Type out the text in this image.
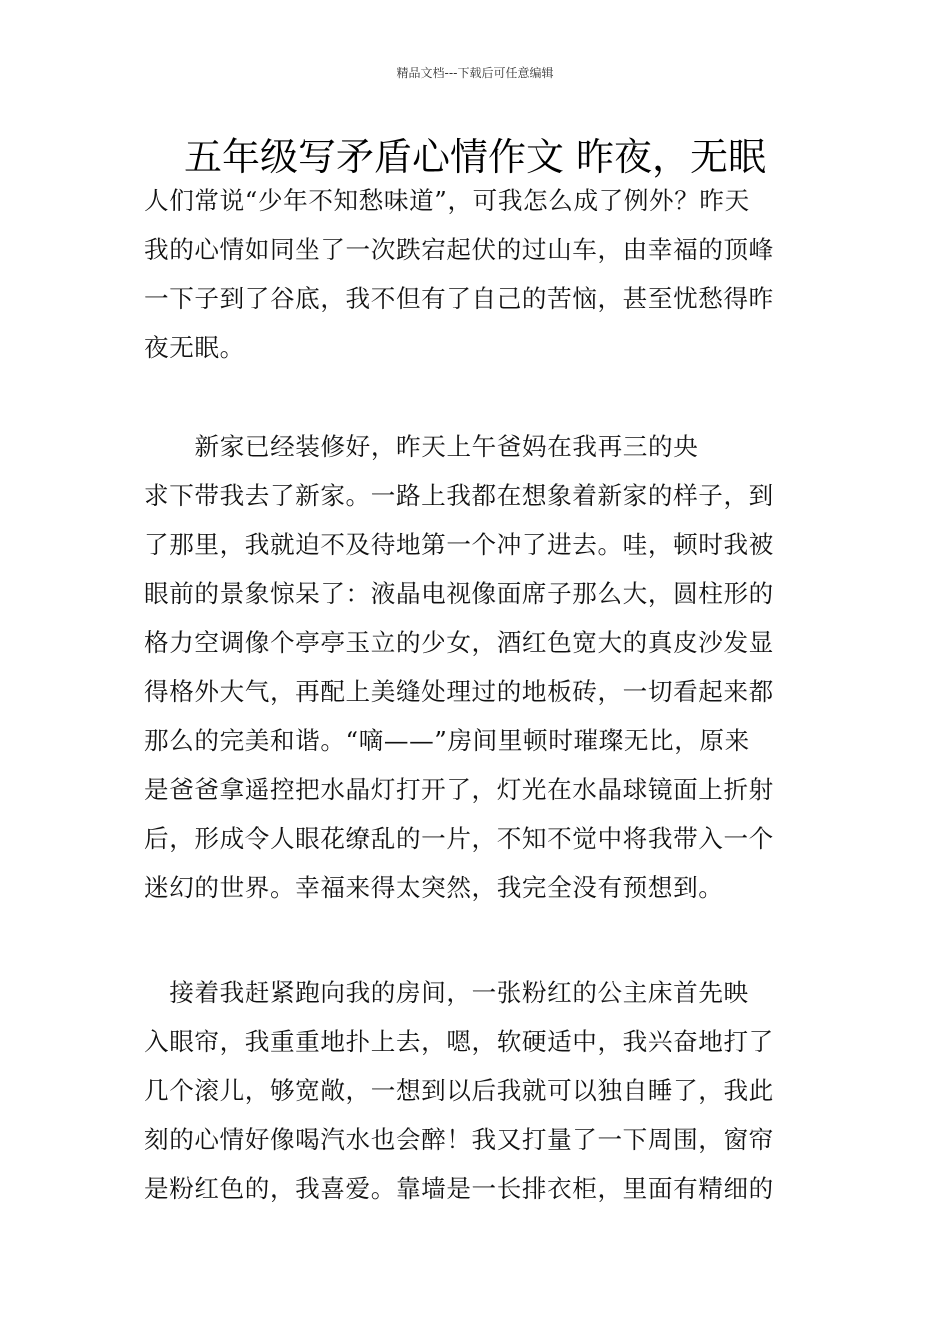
精品文档---下载后可任意编辑
五年级写矛盾心情作文 昨夜，无眠
人们常说“少年不知愁味道”，可我怎么成了例外？昨天
我的心情如同坐了一次跌宕起伏的过山车，由幸福的顶峰
一下子到了谷底，我不但有了自己的苦恼，甚至忧愁得昨
夜无眠。
新家已经装修好，昨天上午爸妈在我再三的央
求下带我去了新家。一路上我都在想象着新家的样子，到
了那里，我就迫不及待地第一个冲了进去。哇，顿时我被
眼前的景象惊呆了：液晶电视像面席子那么大，圆柱形的
格力空调像个亭亭玉立的少女，酒红色宽大的真皮沙发显
得格外大气，再配上美缝处理过的地板砖，一切看起来都
那么的完美和谐。“嘀——”房间里顿时璀璨无比，原来
是爸爸拿遥控把水晶灯打开了，灯光在水晶球镜面上折射
后，形成令人眼花缭乱的一片，不知不觉中将我带入一个
迷幻的世界。幸福来得太突然，我完全没有预想到。
接着我赶紧跑向我的房间，一张粉红的公主床首先映
入眼帘，我重重地扑上去，嗯，软硬适中，我兴奋地打了
几个滚儿，够宽敞，一想到以后我就可以独自睡了，我此
刻的心情好像喝汽水也会醉！我又打量了一下周围，窗帘
是粉红色的，我喜爱。靠墙是一长排衣柜，里面有精细的
